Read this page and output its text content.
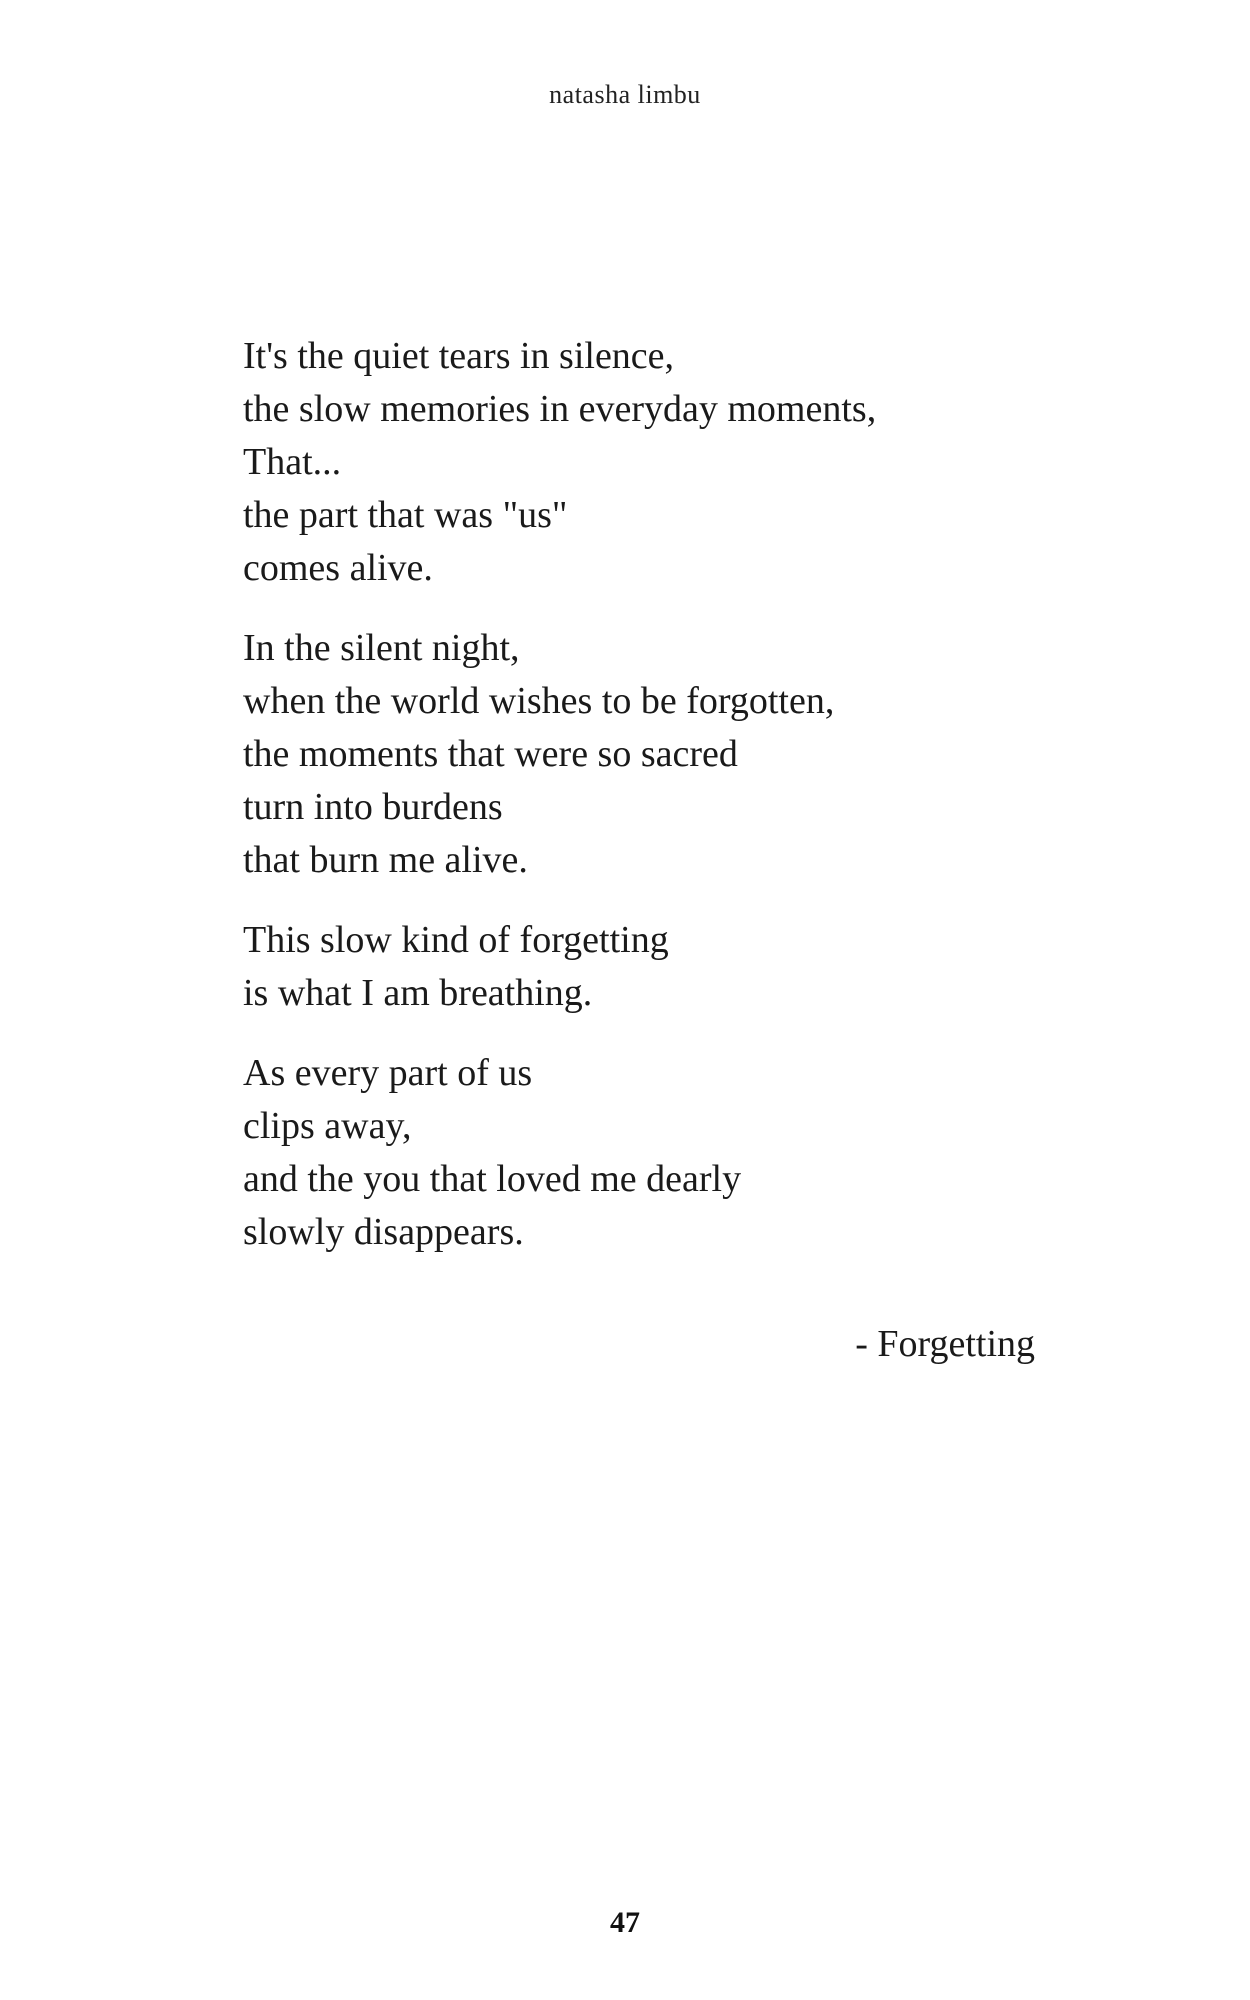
natasha limbu
It's the quiet tears in silence,
the slow memories in everyday moments,
That...
the part that was "us"
comes alive.
In the silent night,
when the world wishes to be forgotten,
the moments that were so sacred
turn into burdens
that burn me alive.
This slow kind of forgetting
is what I am breathing.
As every part of us
clips away,
and the you that loved me dearly
slowly disappears.
- Forgetting
47
